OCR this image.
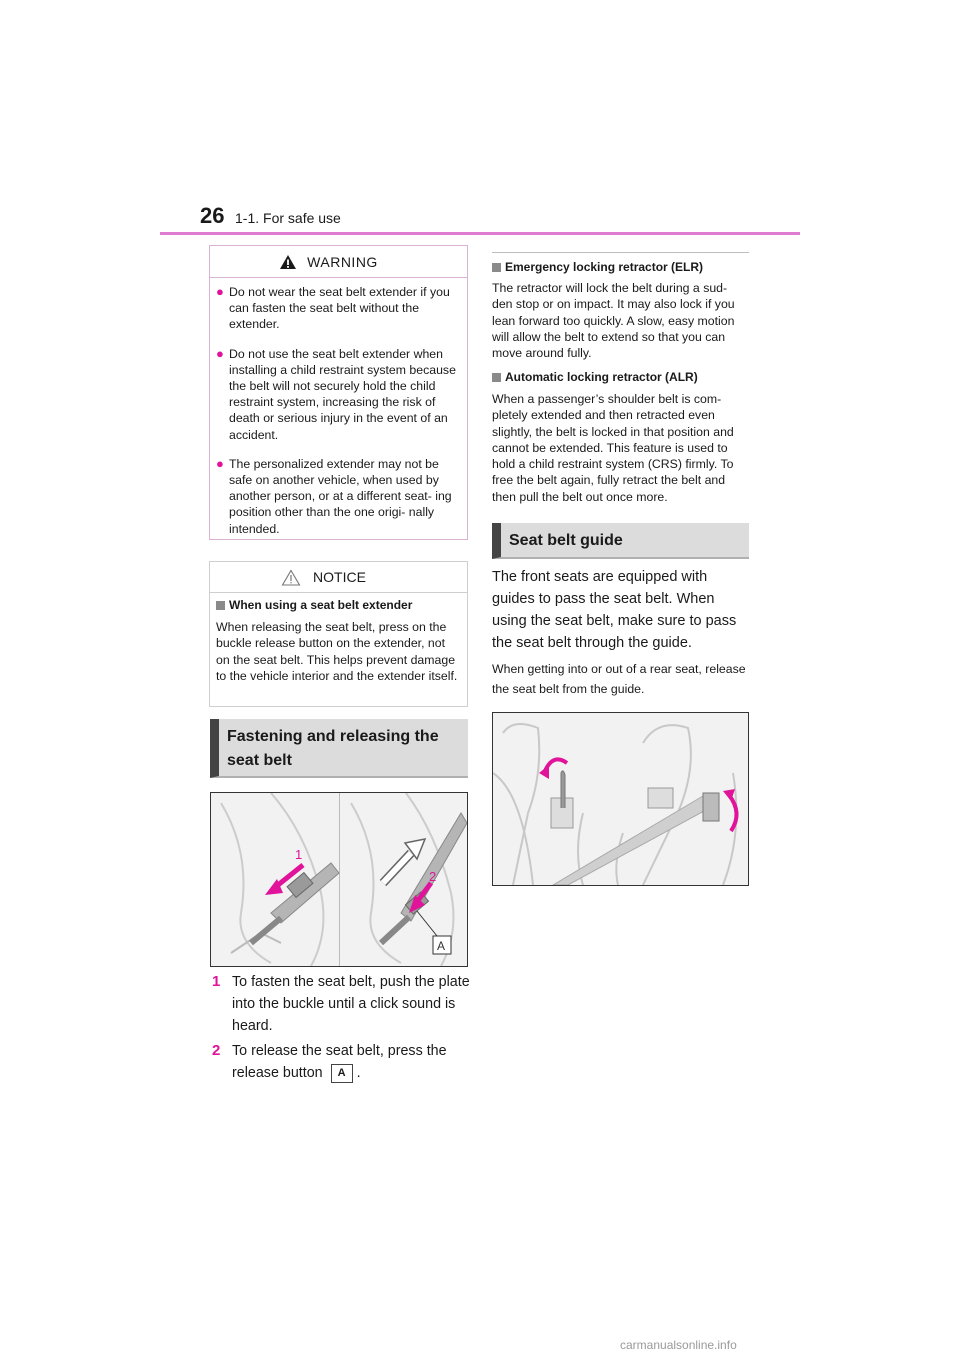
26 1-1. For safe use
WARNING
● Do not wear the seat belt extender if you can fasten the seat belt without the extender.
● Do not use the seat belt extender when installing a child restraint system because the belt will not securely hold the child restraint system, increasing the risk of death or serious injury in the event of an accident.
● The personalized extender may not be safe on another vehicle, when used by another person, or at a different seat- ing position other than the one origi- nally intended.
NOTICE
When using a seat belt extender
When releasing the seat belt, press on the buckle release button on the extender, not on the seat belt. This helps prevent damage to the vehicle interior and the extender itself.
Fastening and releasing the seat belt
1
2
A
1 To fasten the seat belt, push the plate into the buckle until a click sound is heard.
2 To release the seat belt, press the release button A .
Emergency locking retractor (ELR)
The retractor will lock the belt during a sud- den stop or on impact. It may also lock if you lean forward too quickly. A slow, easy motion will allow the belt to extend so that you can move around fully.
Automatic locking retractor (ALR)
When a passenger’s shoulder belt is com- pletely extended and then retracted even slightly, the belt is locked in that position and cannot be extended. This feature is used to hold a child restraint system (CRS) firmly. To free the belt again, fully retract the belt and then pull the belt out once more.
Seat belt guide
The front seats are equipped with guides to pass the seat belt. When using the seat belt, make sure to pass the seat belt through the guide.
When getting into or out of a rear seat, release the seat belt from the guide.
carmanualsonline.info
